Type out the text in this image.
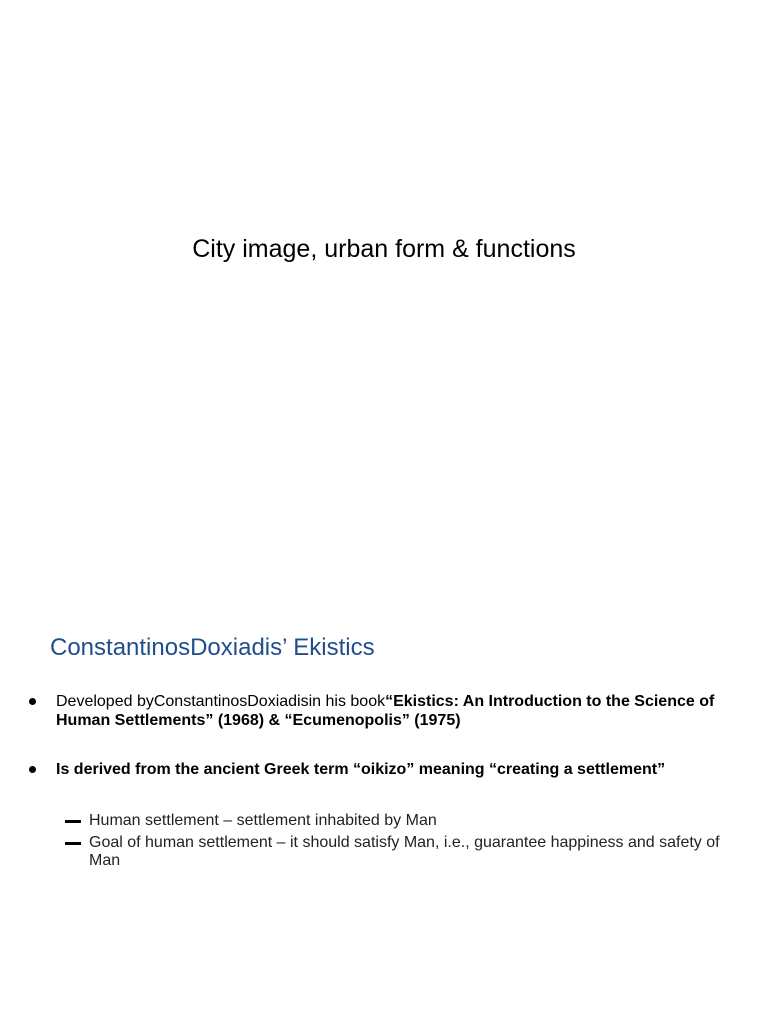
City image, urban form & functions
ConstantinosDoxiadis’ Ekistics
Developed byConstantinosDoxiadisin his book“Ekistics: An Introduction to the Science of Human Settlements” (1968) & “Ecumenopolis” (1975)
Is derived from the ancient Greek term “oikizo” meaning “creating a settlement”
Human settlement – settlement inhabited by Man
Goal of human settlement – it should satisfy Man, i.e., guarantee happiness and safety of Man
